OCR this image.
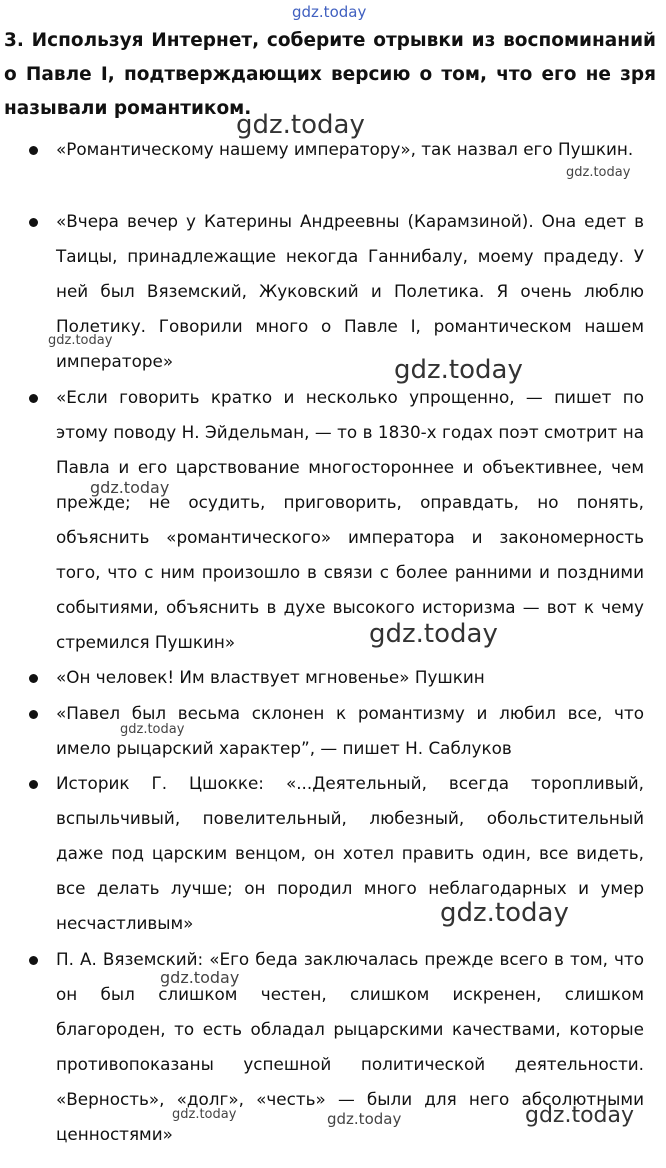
gdz.today

3. Используя Интернет, соберите отрывки из воспоминаний о Павле I, подтверждающих версию о том, что его не зря называли романтиком.

«Романтическому нашему императору», так назвал его Пушкин.

«Вчера вечер у Катерины Андреевны (Карамзиной). Она едет в Таицы, принадлежащие некогда Ганнибалу, моему прадеду. У ней был Вяземский, Жуковский и Полетика. Я очень люблю Полетику. Говорили много о Павле I, романтическом нашем императоре»

«Если говорить кратко и несколько упрощенно, — пишет по этому поводу Н. Эйдельман, — то в 1830-х годах поэт смотрит на Павла и его царствование многостороннее и объективнее, чем прежде; не осудить, приговорить, оправдать, но понять, объяснить «романтического» императора и закономерность того, что с ним произошло в связи с более ранними и поздними событиями, объяснить в духе высокого историзма — вот к чему стремился Пушкин»

«Он человек! Им властвует мгновенье» Пушкин

«Павел был весьма склонен к романтизму и любил все, что имело рыцарский характер”, — пишет Н. Саблуков

Историк Г. Цшокке: «...Деятельный, всегда торопливый, вспыльчивый, повелительный, любезный, обольстительный даже под царским венцом, он хотел править один, все видеть, все делать лучше; он породил много неблагодарных и умер несчастливым»

П. А. Вяземский: «Его беда заключалась прежде всего в том, что он был слишком честен, слишком искренен, слишком благороден, то есть обладал рыцарскими качествами, которые противопоказаны успешной политической деятельности. «Верность», «долг», «честь» — были для него абсолютными ценностями»

gdz.today
gdz.today
gdz.today
gdz.today
gdz.today
gdz.today
gdz.today
gdz.today
gdz.today
gdz.today	gdz.today	gdz.today
